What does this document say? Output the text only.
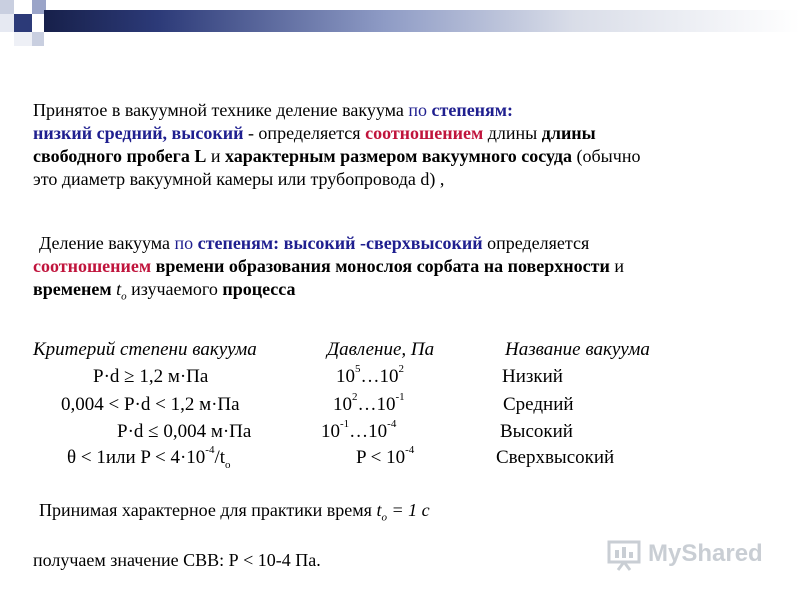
Принятое в вакуумной технике деление вакуума по степеням:
низкий средний, высокий - определяется соотношением длины длины
свободного пробега L и характерным размером вакуумного сосуда (обычно
это диаметр вакуумной камеры или трубопровода d) ,
Деление вакуума по степеням: высокий -сверхвысокий определяется
соотношением времени образования монослоя сорбата на поверхности и
временем $t_o$ изучаемого процесса
Критерий степени вакуума	Давление, Па	Название вакуума
P·d ≥ 1,2 м·Па	$10^5\dots 10^2$	Низкий
0,004 < P·d < 1,2 м·Па	$10^2\dots 10^{-1}$	Средний
P·d ≤ 0,004 м·Па	$10^{-1}\dots 10^{-4}$	Высокий
θ < 1или $P < 4\cdot 10^{-4}/t_o$	$P < 10^{-4}$	Сверхвысокий
Принимая характерное для практики время $t_o = 1$ с
получаем значение СВВ: Р < 10-4 Па.	MyShared
